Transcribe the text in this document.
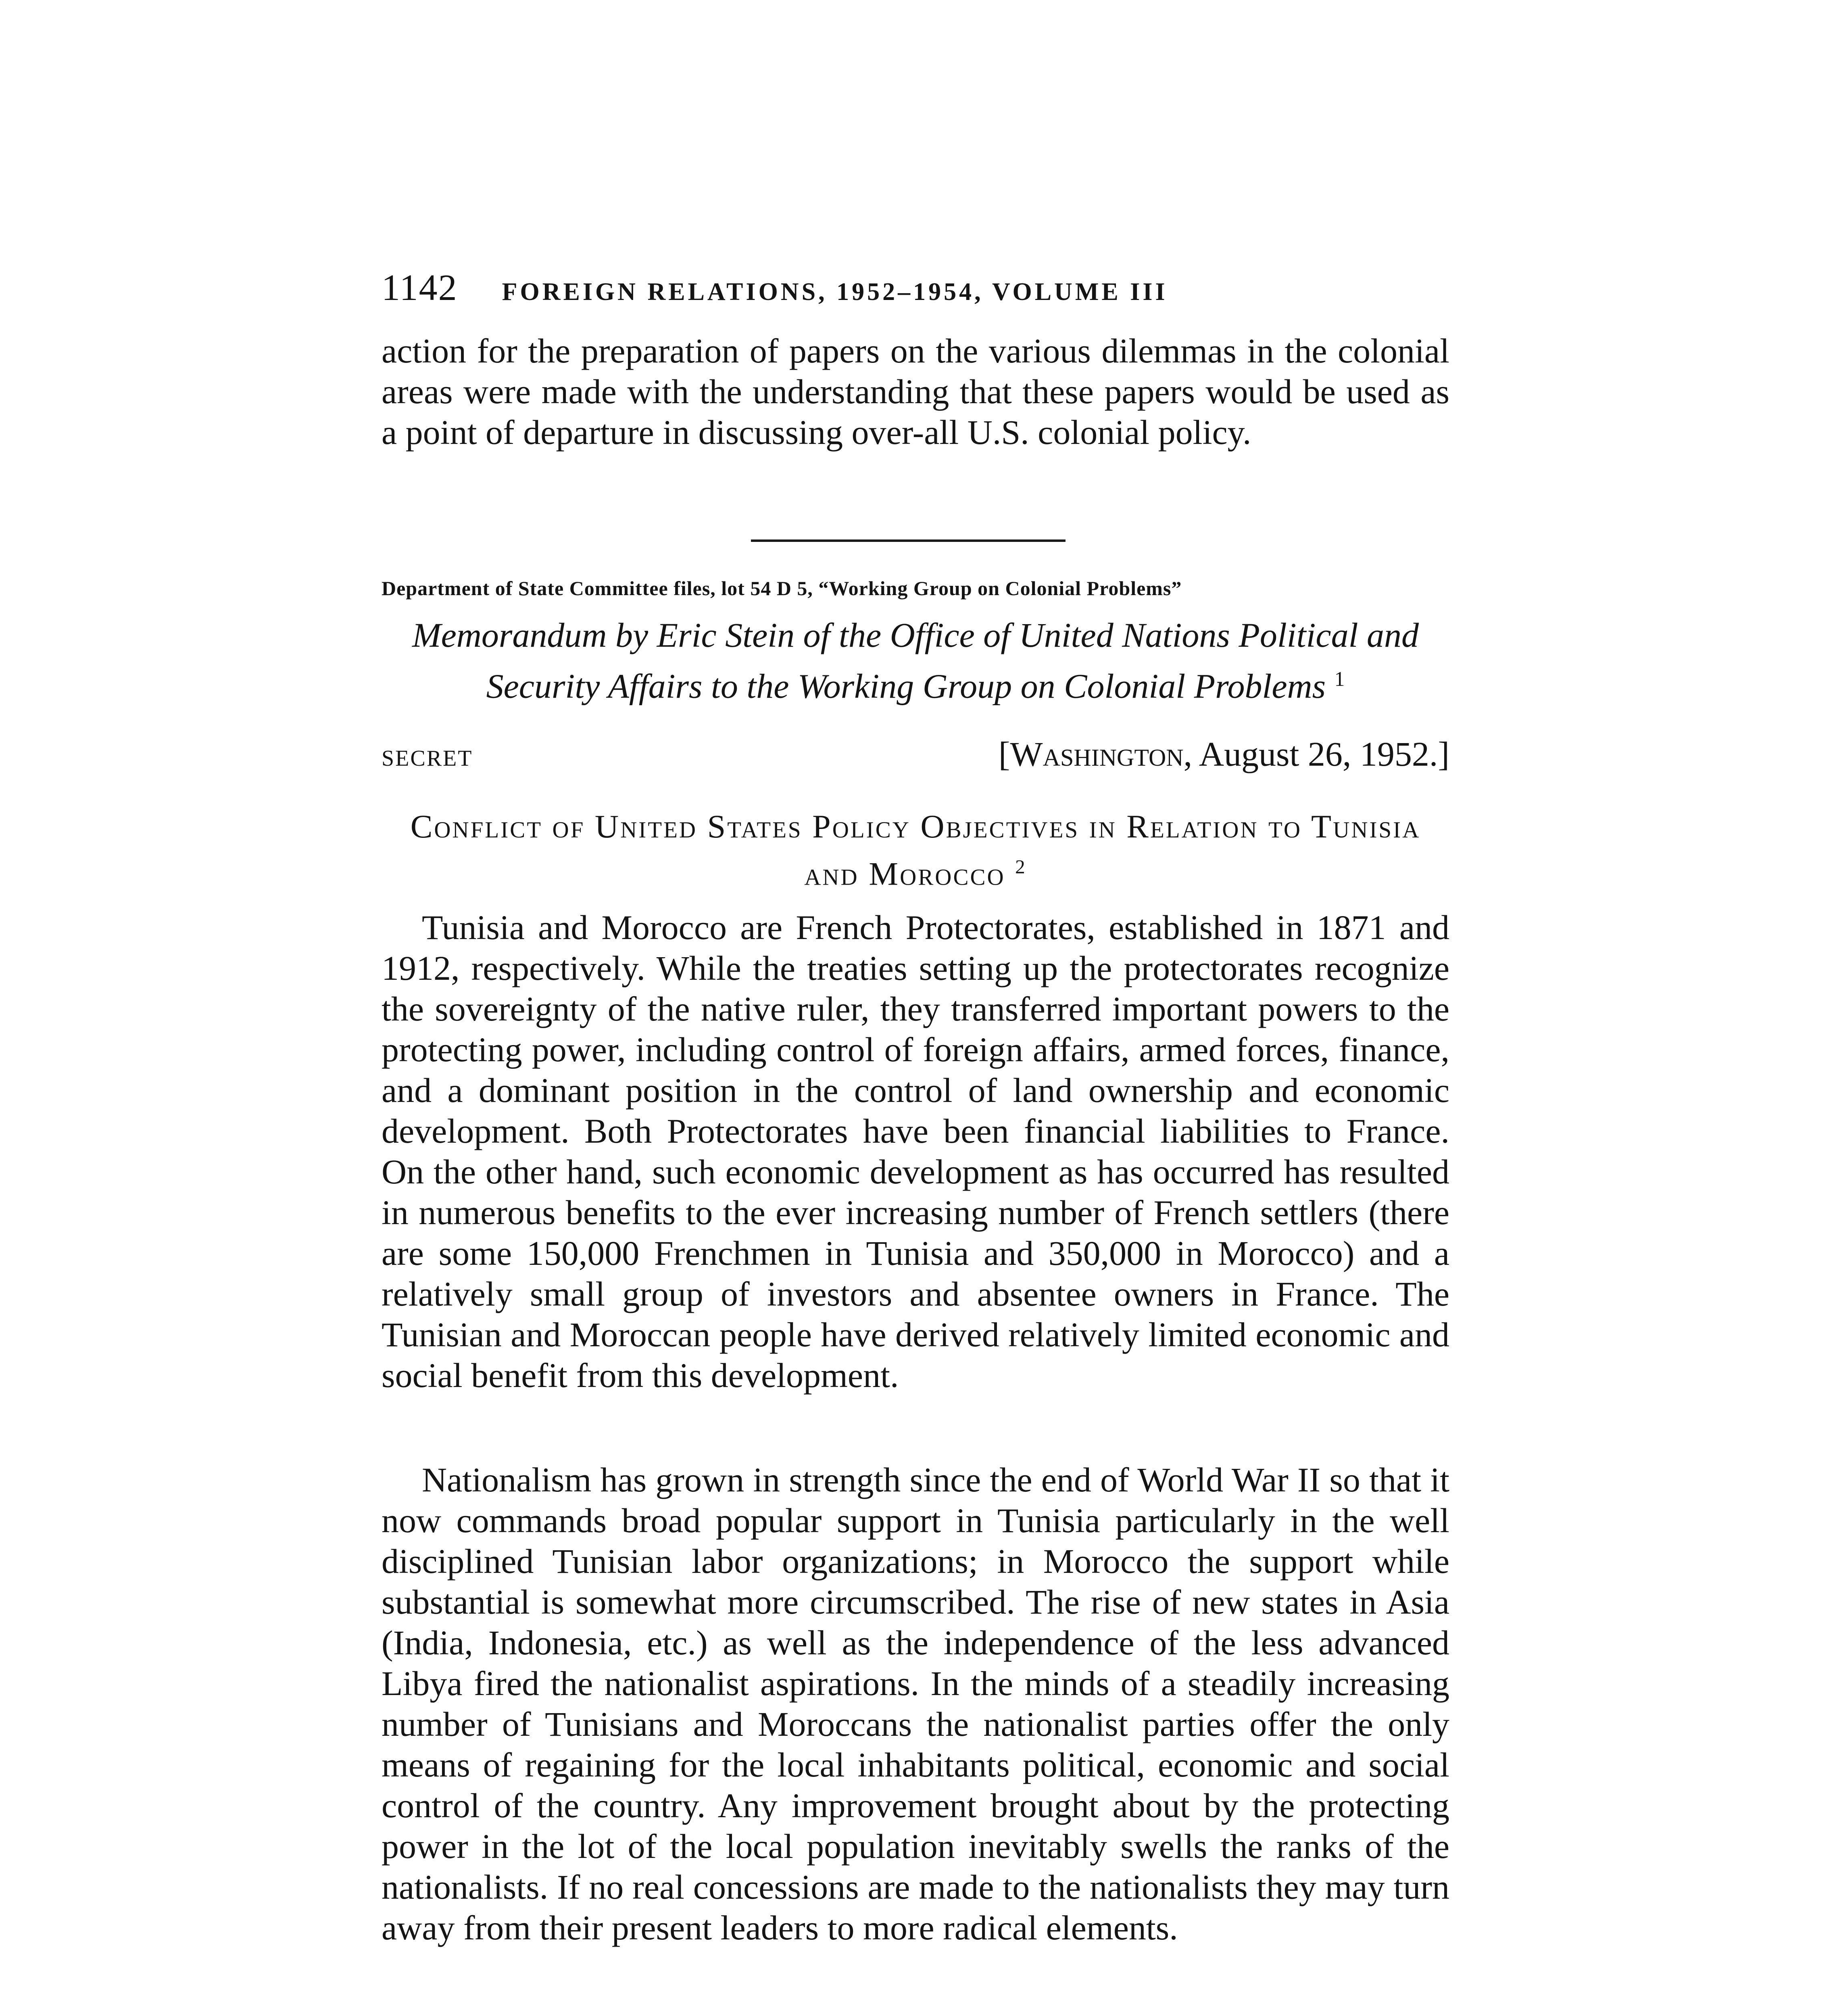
1142 FOREIGN RELATIONS, 1952–1954, VOLUME III

action for the preparation of papers on the various dilemmas in the colonial areas were made with the understanding that these papers would be used as a point of departure in discussing over-all U.S. colonial policy.

Department of State Committee files, lot 54 D 5, “Working Group on Colonial Problems”
Memorandum by Eric Stein of the Office of United Nations Political and Security Affairs to the Working Group on Colonial Problems $^1$
SECRET	[Washington, August 26, 1952.]
Conflict of United States Policy Objectives in Relation to Tunisia and Morocco $^2$

Tunisia and Morocco are French Protectorates, established in 1871 and 1912, respectively. While the treaties setting up the protectorates recognize the sovereignty of the native ruler, they transferred important powers to the protecting power, including control of foreign affairs, armed forces, finance, and a dominant position in the control of land ownership and economic development. Both Protectorates have been financial liabilities to France. On the other hand, such economic development as has occurred has resulted in numerous benefits to the ever increasing number of French settlers (there are some 150,000 Frenchmen in Tunisia and 350,000 in Morocco) and a relatively small group of investors and absentee owners in France. The Tunisian and Moroccan people have derived relatively limited economic and social benefit from this development.

Nationalism has grown in strength since the end of World War II so that it now commands broad popular support in Tunisia particularly in the well disciplined Tunisian labor organizations; in Morocco the support while substantial is somewhat more circumscribed. The rise of new states in Asia (India, Indonesia, etc.) as well as the independence of the less advanced Libya fired the nationalist aspirations. In the minds of a steadily increasing number of Tunisians and Moroccans the nationalist parties offer the only means of regaining for the local inhabitants political, economic and social control of the country. Any improvement brought about by the protecting power in the lot of the local population inevitably swells the ranks of the nationalists. If no real concessions are made to the nationalists they may turn away from their present leaders to more radical elements.
